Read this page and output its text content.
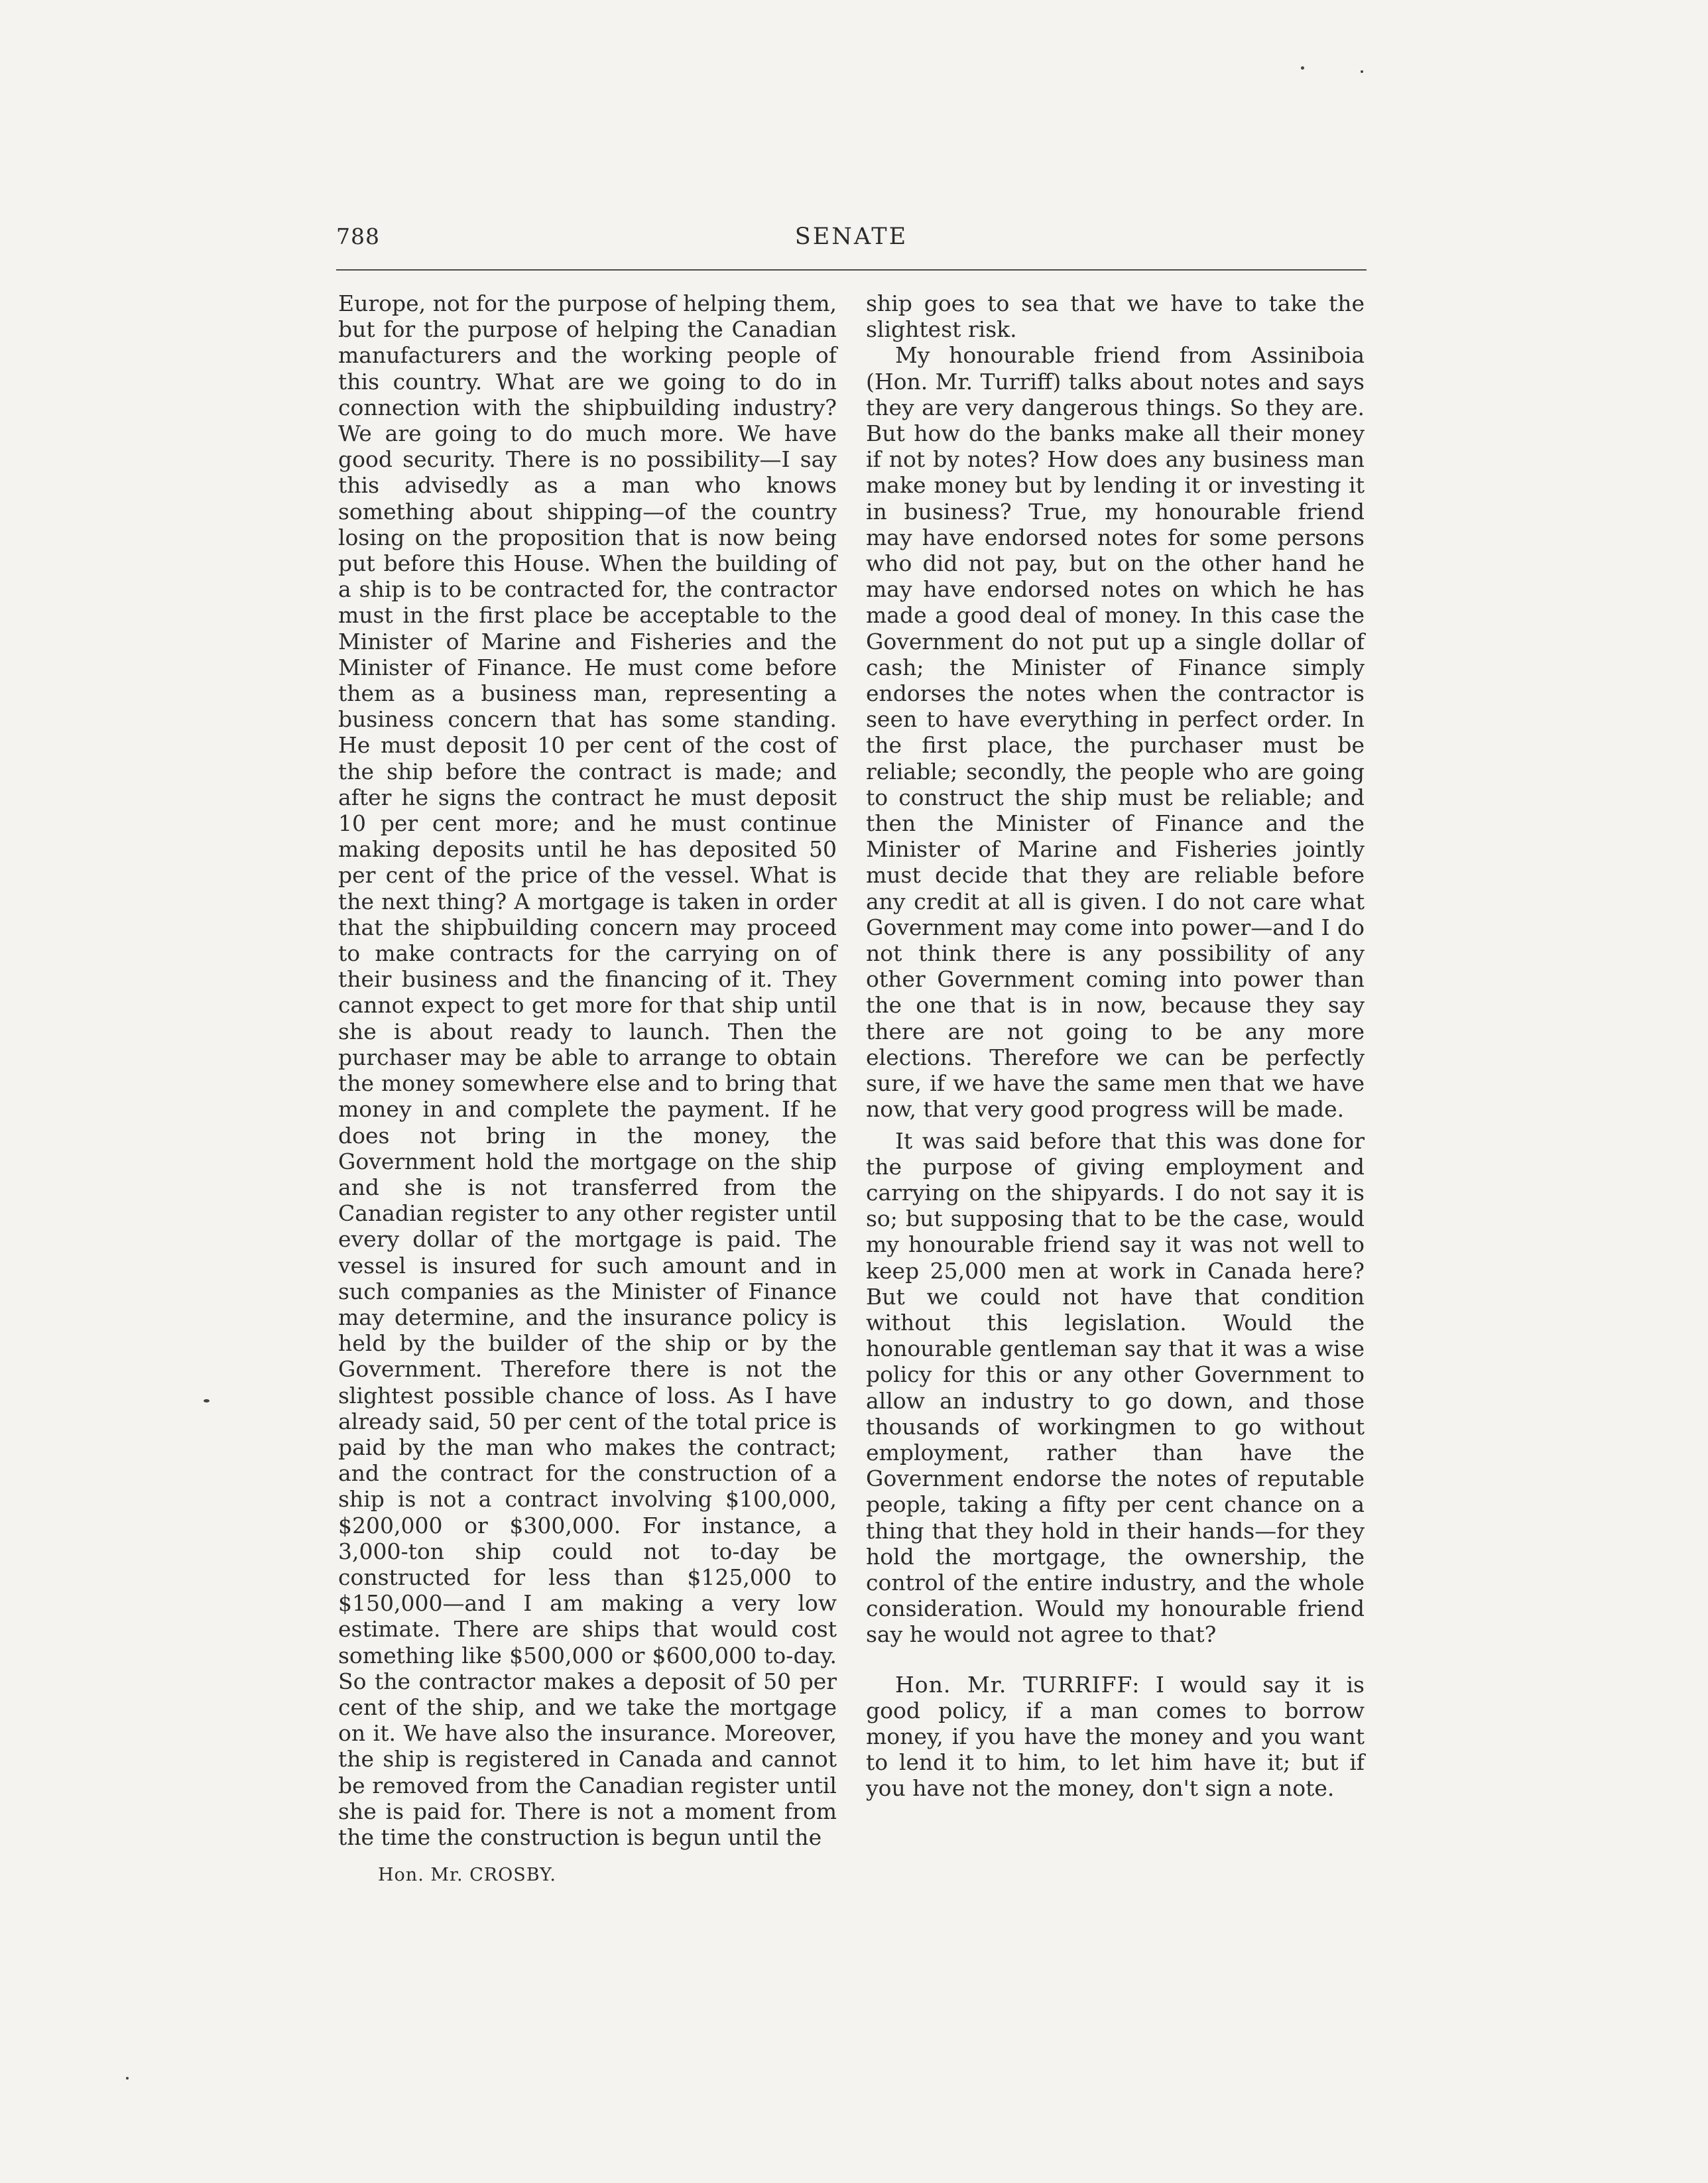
788	SENATE

Europe, not for the purpose of helping them, but for the purpose of helping the Canadian manufacturers and the working people of this country. What are we going to do in connection with the shipbuilding industry? We are going to do much more. We have good security. There is no possibility—I say this advisedly as a man who knows something about shipping—of the country losing on the proposition that is now being put before this House. When the building of a ship is to be contracted for, the contractor must in the first place be acceptable to the Minister of Marine and Fisheries and the Minister of Finance. He must come before them as a business man, representing a business concern that has some standing. He must deposit 10 per cent of the cost of the ship before the contract is made; and after he signs the contract he must deposit 10 per cent more; and he must continue making deposits until he has deposited 50 per cent of the price of the vessel. What is the next thing? A mortgage is taken in order that the shipbuilding concern may proceed to make contracts for the carrying on of their business and the financing of it. They cannot expect to get more for that ship until she is about ready to launch. Then the purchaser may be able to arrange to obtain the money somewhere else and to bring that money in and complete the payment. If he does not bring in the money, the Government hold the mortgage on the ship and she is not transferred from the Canadian register to any other register until every dollar of the mortgage is paid. The vessel is insured for such amount and in such companies as the Minister of Finance may determine, and the insurance policy is held by the builder of the ship or by the Government. Therefore there is not the slightest possible chance of loss. As I have already said, 50 per cent of the total price is paid by the man who makes the contract; and the contract for the construction of a ship is not a contract involving $100,000, $200,000 or $300,000. For instance, a 3,000-ton ship could not to-day be constructed for less than $125,000 to $150,000—and I am making a very low estimate. There are ships that would cost something like $500,000 or $600,000 to-day. So the contractor makes a deposit of 50 per cent of the ship, and we take the mortgage on it. We have also the insurance. Moreover, the ship is registered in Canada and cannot be removed from the Canadian register until she is paid for. There is not a moment from the time the construction is begun until the

Hon. Mr. CROSBY.

ship goes to sea that we have to take the slightest risk.

My honourable friend from Assiniboia (Hon. Mr. Turriff) talks about notes and says they are very dangerous things. So they are. But how do the banks make all their money if not by notes? How does any business man make money but by lending it or investing it in business? True, my honourable friend may have endorsed notes for some persons who did not pay, but on the other hand he may have endorsed notes on which he has made a good deal of money. In this case the Government do not put up a single dollar of cash; the Minister of Finance simply endorses the notes when the contractor is seen to have everything in perfect order. In the first place, the purchaser must be reliable; secondly, the people who are going to construct the ship must be reliable; and then the Minister of Finance and the Minister of Marine and Fisheries jointly must decide that they are reliable before any credit at all is given. I do not care what Government may come into power—and I do not think there is any possibility of any other Government coming into power than the one that is in now, because they say there are not going to be any more elections. Therefore we can be perfectly sure, if we have the same men that we have now, that very good progress will be made.

It was said before that this was done for the purpose of giving employment and carrying on the shipyards. I do not say it is so; but supposing that to be the case, would my honourable friend say it was not well to keep 25,000 men at work in Canada here? But we could not have that condition without this legislation. Would the honourable gentleman say that it was a wise policy for this or any other Government to allow an industry to go down, and those thousands of workingmen to go without employment, rather than have the Government endorse the notes of reputable people, taking a fifty per cent chance on a thing that they hold in their hands—for they hold the mortgage, the ownership, the control of the entire industry, and the whole consideration. Would my honourable friend say he would not agree to that?

Hon. Mr. TURRIFF: I would say it is good policy, if a man comes to borrow money, if you have the money and you want to lend it to him, to let him have it; but if you have not the money, don't sign a note.
